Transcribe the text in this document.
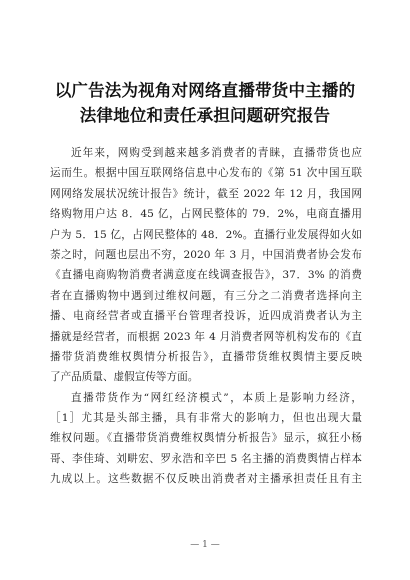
以广告法为视角对网络直播带货中主播的
法律地位和责任承担问题研究报告
近年来，网购受到越来越多消费者的青睐，直播带货也应
运而生。根据中国互联网络信息中心发布的《第 51 次中国互联
网网络发展状况统计报告》统计，截至 2022 年 12 月，我国网
络购物用户达 8．45 亿，占网民整体的 79．2%，电商直播用
户为 5．15 亿，占网民整体的 48．2%。直播行业发展得如火如
荼之时，问题也层出不穷，2020 年 3 月，中国消费者协会发布
《直播电商购物消费者满意度在线调查报告》，37．3% 的消费
者在直播购物中遇到过维权问题，有三分之二消费者选择向主
播、电商经营者或直播平台管理者投诉，近四成消费者认为主
播就是经营者，而根据 2023 年 4 月消费者网等机构发布的《直
播带货消费维权舆情分析报告》，直播带货维权舆情主要反映
了产品质量、虚假宣传等方面。
直播带货作为“网红经济模式”，本质上是影响力经济，
［1］尤其是头部主播，具有非常大的影响力，但也出现大量
维权问题。《直播带货消费维权舆情分析报告》显示，疯狂小杨
哥、李佳琦、刘畊宏、罗永浩和辛巴 5 名主播的消费舆情占样本
九成以上。这些数据不仅反映出消费者对主播承担责任且有主
— 1 —
